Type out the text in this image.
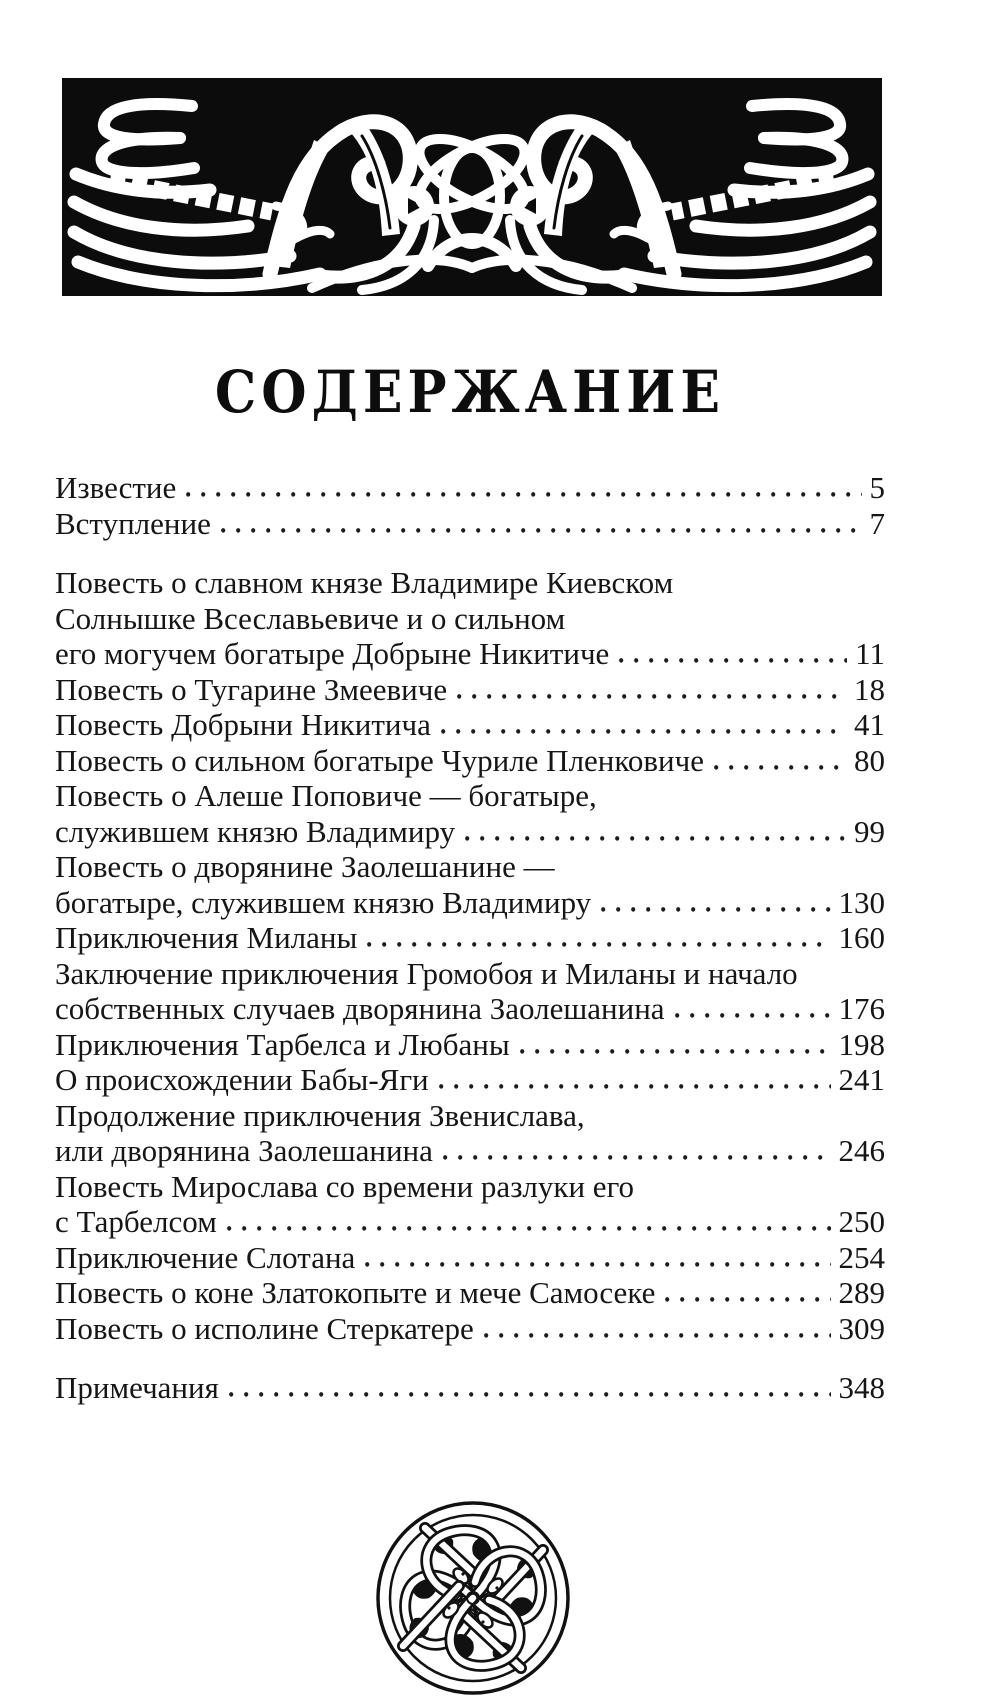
СОДЕРЖАНИЕ
Известие	5
Вступление	7
Повесть о славном князе Владимире Киевском
Солнышке Всеславьевиче и о сильном
его могучем богатыре Добрыне Никитиче	11
Повесть о Тугарине Змеевиче	18
Повесть Добрыни Никитича	41
Повесть о сильном богатыре Чуриле Пленковиче	80
Повесть о Алеше Поповиче — богатыре,
служившем князю Владимиру	99
Повесть о дворянине Заолешанине —
богатыре, служившем князю Владимиру	130
Приключения Миланы	160
Заключение приключения Громобоя и Миланы и начало
собственных случаев дворянина Заолешанина	176
Приключения Тарбелса и Любаны	198
О происхождении Бабы-Яги	241
Продолжение приключения Звенислава,
или дворянина Заолешанина	246
Повесть Мирослава со времени разлуки его
с Тарбелсом	250
Приключение Слотана	254
Повесть о коне Златокопыте и мече Самосеке	289
Повесть о исполине Стеркатере	309
Примечания	348
